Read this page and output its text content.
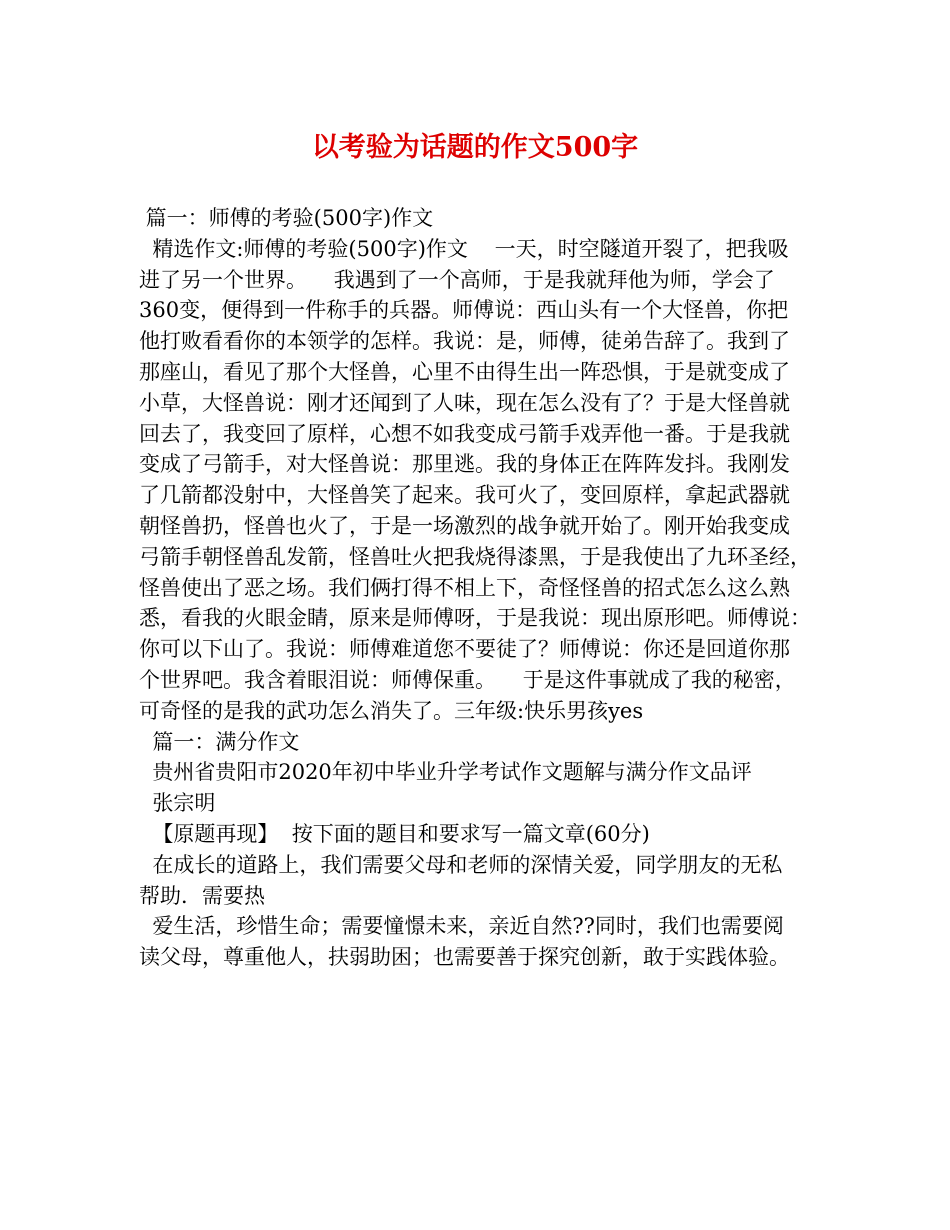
以考验为话题的作文500字
篇一：师傅的考验(500字)作文
精选作文:师傅的考验(500字)作文    一天，时空隧道开裂了，把我吸
进了另一个世界。    我遇到了一个高师，于是我就拜他为师，学会了
360变，便得到一件称手的兵器。师傅说：西山头有一个大怪兽，你把
他打败看看你的本领学的怎样。我说：是，师傅，徒弟告辞了。我到了
那座山，看见了那个大怪兽，心里不由得生出一阵恐惧，于是就变成了
小草，大怪兽说：刚才还闻到了人味，现在怎么没有了？于是大怪兽就
回去了，我变回了原样，心想不如我变成弓箭手戏弄他一番。于是我就
变成了弓箭手，对大怪兽说：那里逃。我的身体正在阵阵发抖。我刚发
了几箭都没射中，大怪兽笑了起来。我可火了，变回原样，拿起武器就
朝怪兽扔，怪兽也火了，于是一场激烈的战争就开始了。刚开始我变成
弓箭手朝怪兽乱发箭，怪兽吐火把我烧得漆黑，于是我使出了九环圣经，
怪兽使出了恶之场。我们俩打得不相上下，奇怪怪兽的招式怎么这么熟
悉，看我的火眼金睛，原来是师傅呀，于是我说：现出原形吧。师傅说：
你可以下山了。我说：师傅难道您不要徒了？师傅说：你还是回道你那
个世界吧。我含着眼泪说：师傅保重。    于是这件事就成了我的秘密，
可奇怪的是我的武功怎么消失了。三年级:快乐男孩yes
篇一：满分作文
贵州省贵阳市2020年初中毕业升学考试作文题解与满分作文品评
张宗明
【原题再现】  按下面的题目和要求写一篇文章(60分)
在成长的道路上，我们需要父母和老师的深情关爱，同学朋友的无私
帮助．需要热
爱生活，珍惜生命；需要憧憬未来，亲近自然??同时，我们也需要阅
读父母，尊重他人，扶弱助困；也需要善于探究创新，敢于实践体验。
